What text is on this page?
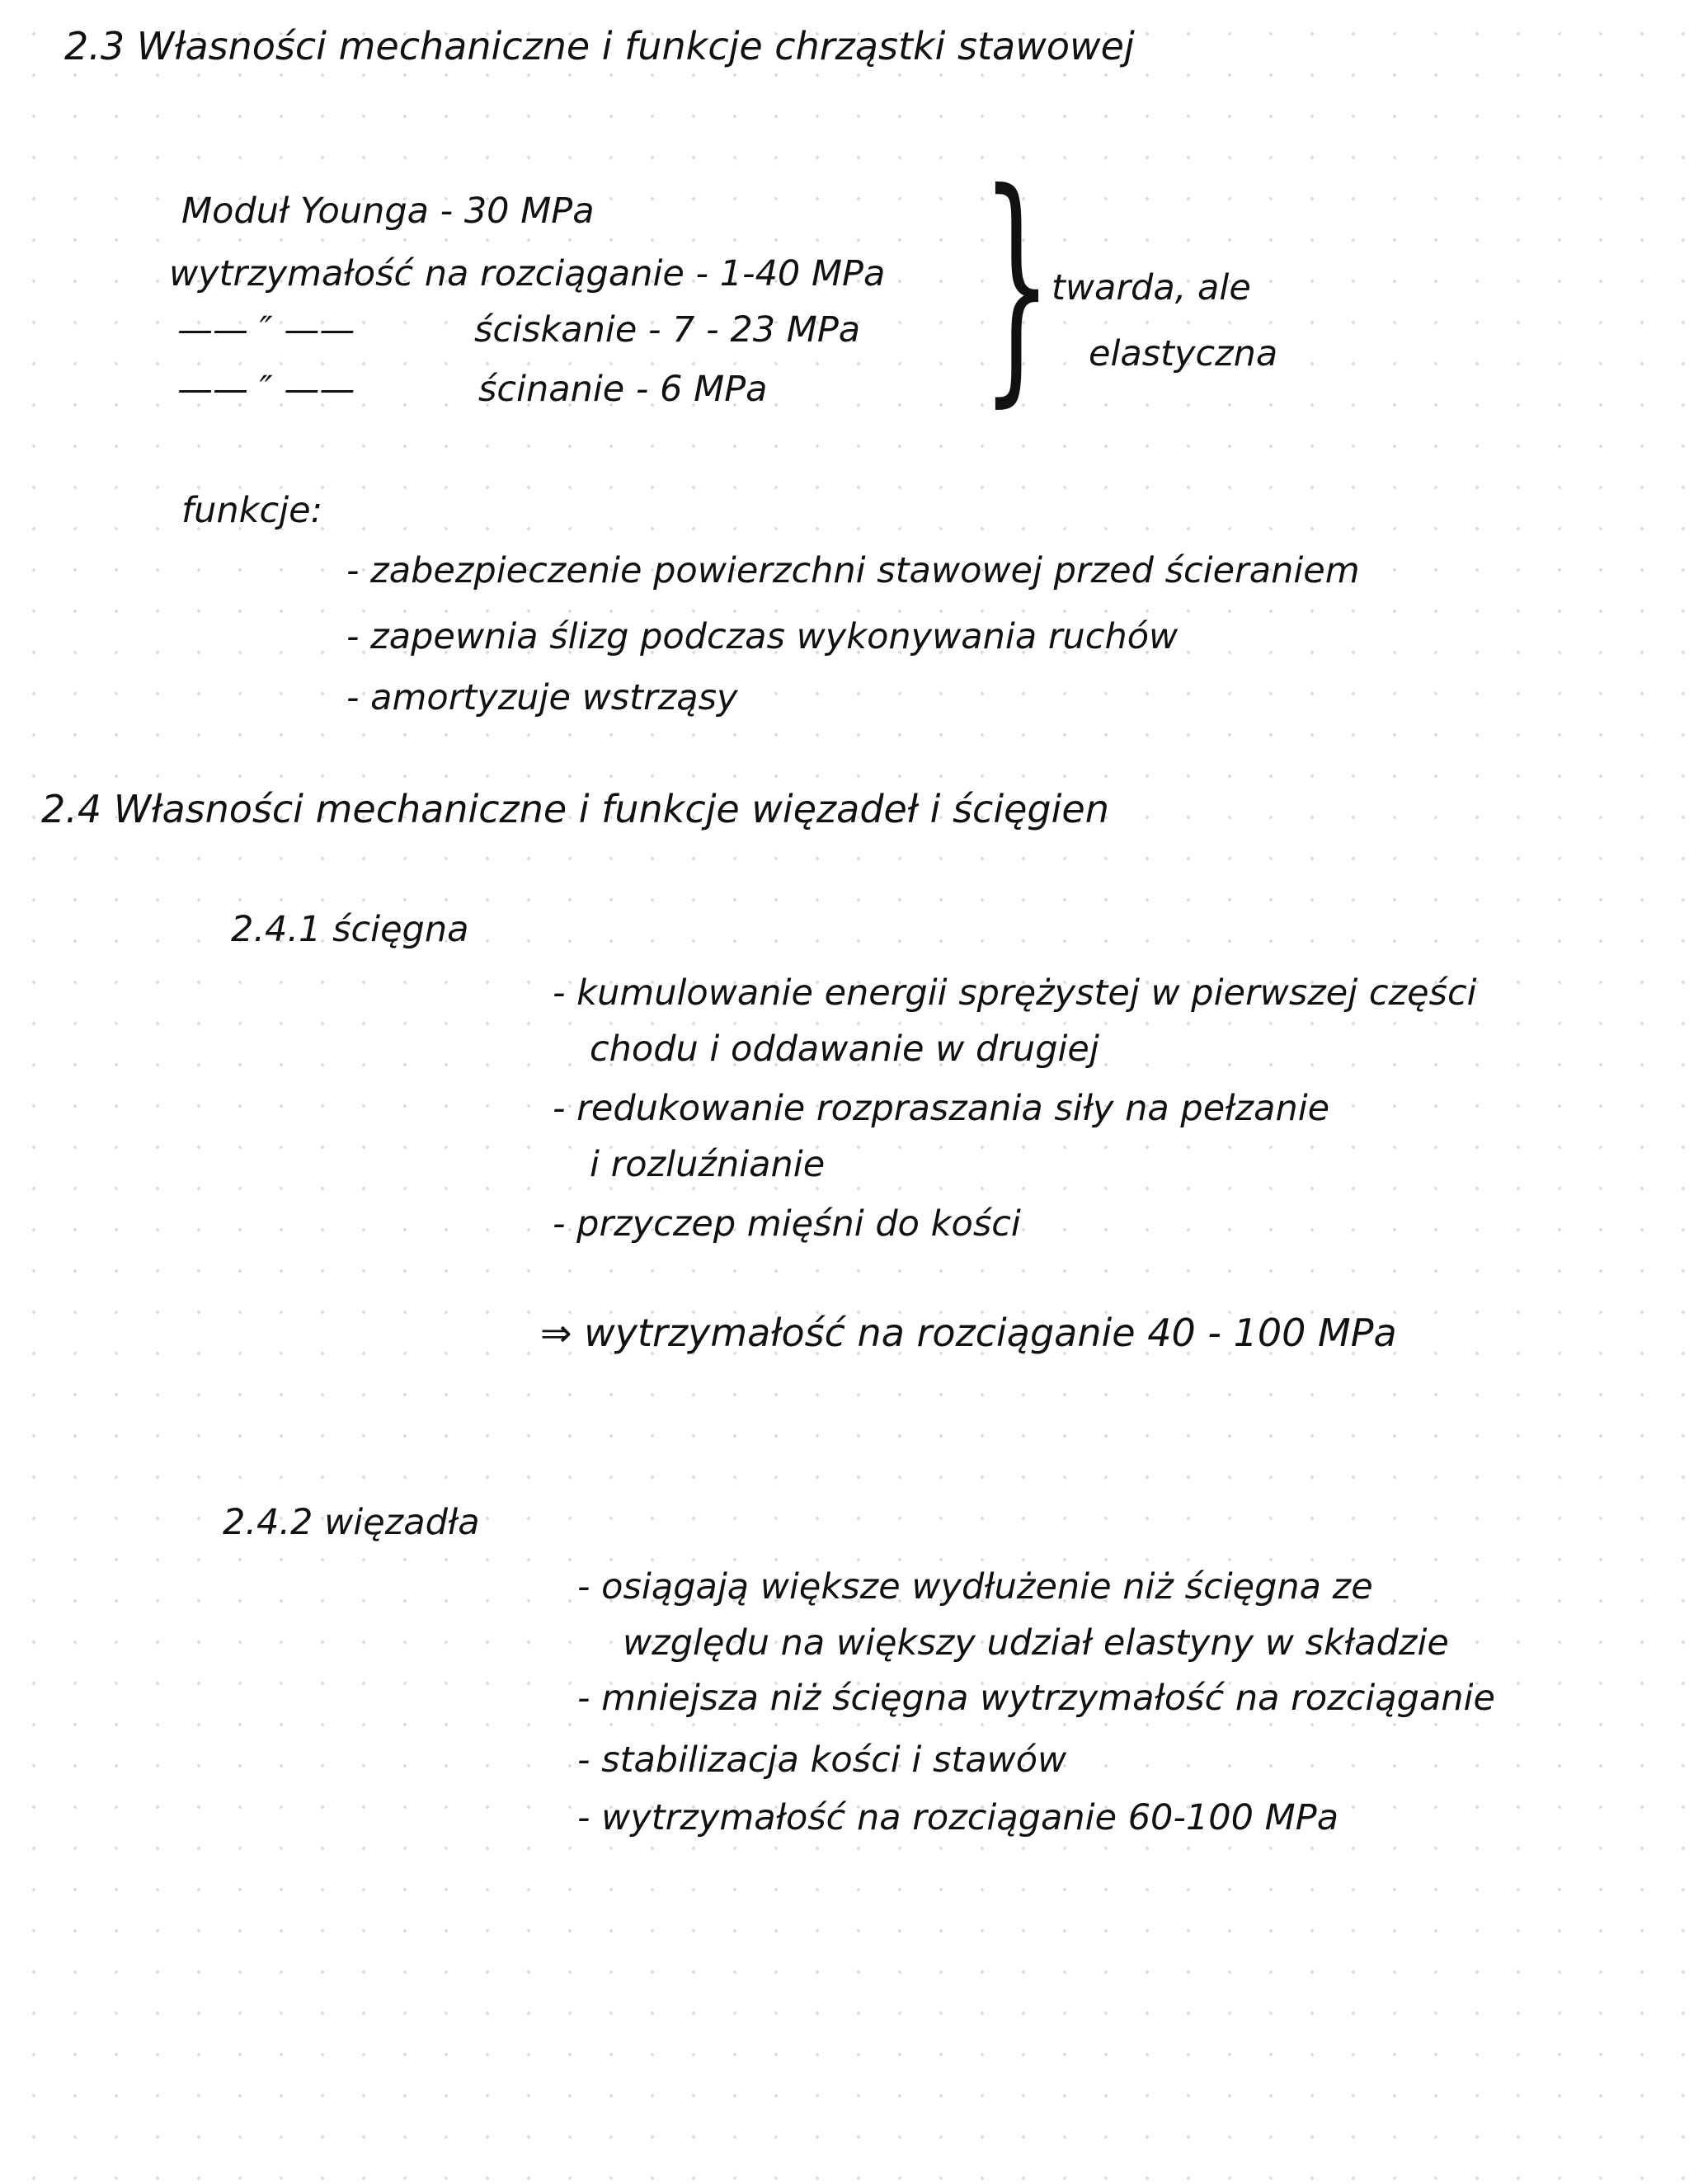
2.3 Własności mechaniczne i funkcje chrząstki stawowej
Moduł Younga - 30 MPa
wytrzymałość na rozciąganie - 1-40 MPa
—— ″ ——	ściskanie - 7 - 23 MPa
—— ″ ——	ścinanie - 6 MPa } twarda, ale
elastyczna
funkcje:
- zabezpieczenie powierzchni stawowej przed ścieraniem
- zapewnia ślizg podczas wykonywania ruchów
- amortyzuje wstrząsy
2.4 Własności mechaniczne i funkcje więzadeł i ścięgien
2.4.1 ścięgna
- kumulowanie energii sprężystej w pierwszej części
chodu i oddawanie w drugiej
- redukowanie rozpraszania siły na pełzanie
i rozluźnianie
- przyczep mięśni do kości
⇒ wytrzymałość na rozciąganie 40 - 100 MPa
2.4.2 więzadła
- osiągają większe wydłużenie niż ścięgna ze
względu na większy udział elastyny w składzie
- mniejsza niż ścięgna wytrzymałość na rozciąganie
- stabilizacja kości i stawów
- wytrzymałość na rozciąganie 60-100 MPa
